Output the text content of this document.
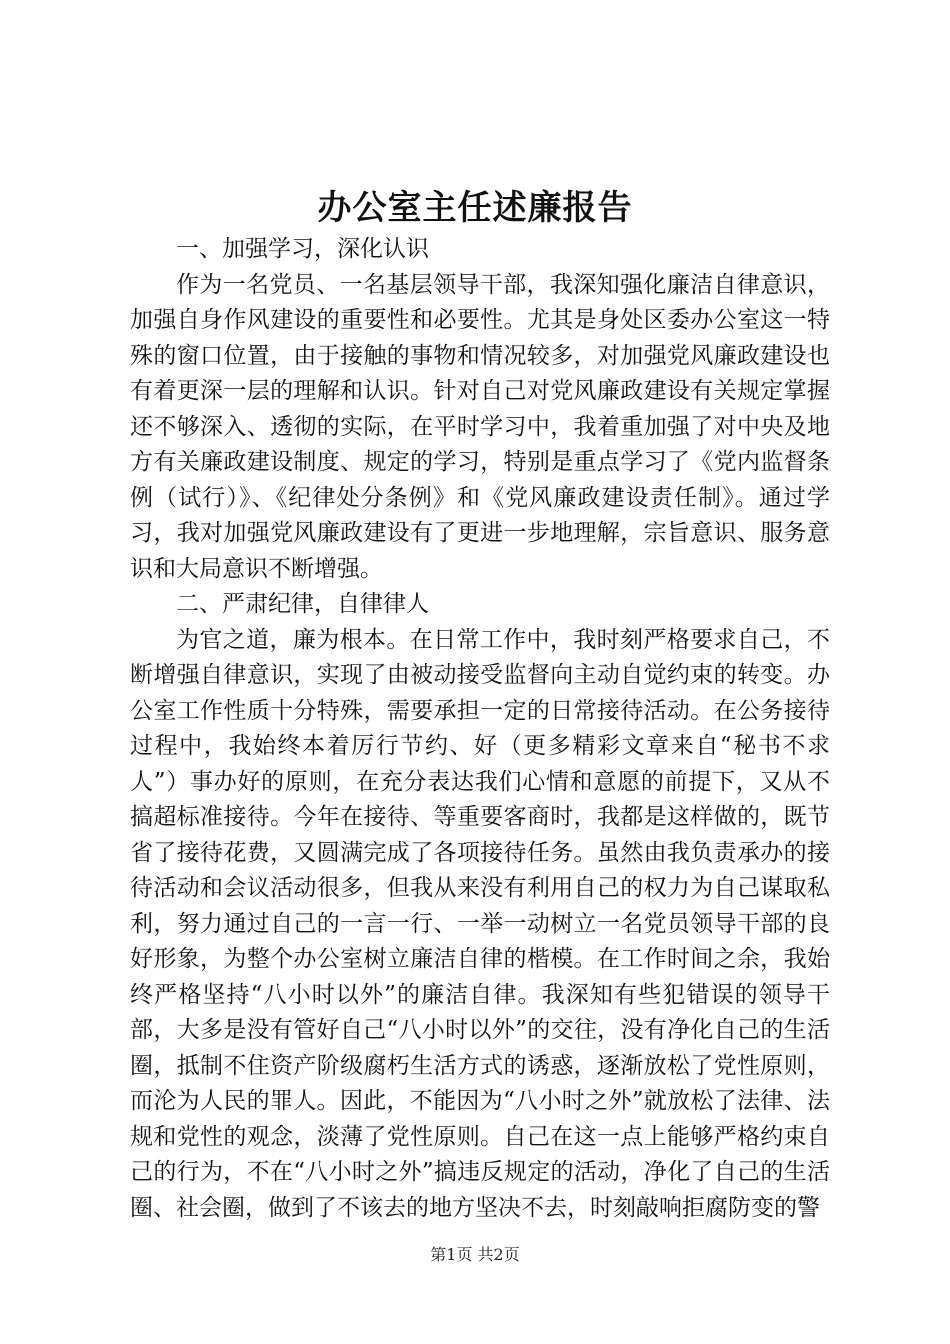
办公室主任述廉报告

一、加强学习，深化认识

作为一名党员、一名基层领导干部，我深知强化廉洁自律意识，加强自身作风建设的重要性和必要性。尤其是身处区委办公室这一特殊的窗口位置，由于接触的事物和情况较多，对加强党风廉政建设也有着更深一层的理解和认识。针对自己对党风廉政建设有关规定掌握还不够深入、透彻的实际，在平时学习中，我着重加强了对中央及地方有关廉政建设制度、规定的学习，特别是重点学习了《党内监督条例（试行）》、《纪律处分条例》和《党风廉政建设责任制》。通过学习，我对加强党风廉政建设有了更进一步地理解，宗旨意识、服务意识和大局意识不断增强。

二、严肃纪律，自律律人

为官之道，廉为根本。在日常工作中，我时刻严格要求自己，不断增强自律意识，实现了由被动接受监督向主动自觉约束的转变。办公室工作性质十分特殊，需要承担一定的日常接待活动。在公务接待过程中，我始终本着厉行节约、好（更多精彩文章来自“秘书不求人”）事办好的原则，在充分表达我们心情和意愿的前提下，又从不搞超标准接待。今年在接待、等重要客商时，我都是这样做的，既节省了接待花费，又圆满完成了各项接待任务。虽然由我负责承办的接待活动和会议活动很多，但我从来没有利用自己的权力为自己谋取私利，努力通过自己的一言一行、一举一动树立一名党员领导干部的良好形象，为整个办公室树立廉洁自律的楷模。在工作时间之余，我始终严格坚持“八小时以外”的廉洁自律。我深知有些犯错误的领导干部，大多是没有管好自己“八小时以外”的交往，没有净化自己的生活圈，抵制不住资产阶级腐朽生活方式的诱惑，逐渐放松了党性原则，而沦为人民的罪人。因此，不能因为“八小时之外”就放松了法律、法规和党性的观念，淡薄了党性原则。自己在这一点上能够严格约束自己的行为，不在“八小时之外”搞违反规定的活动，净化了自己的生活圈、社会圈，做到了不该去的地方坚决不去，时刻敲响拒腐防变的警

第1页 共2页
